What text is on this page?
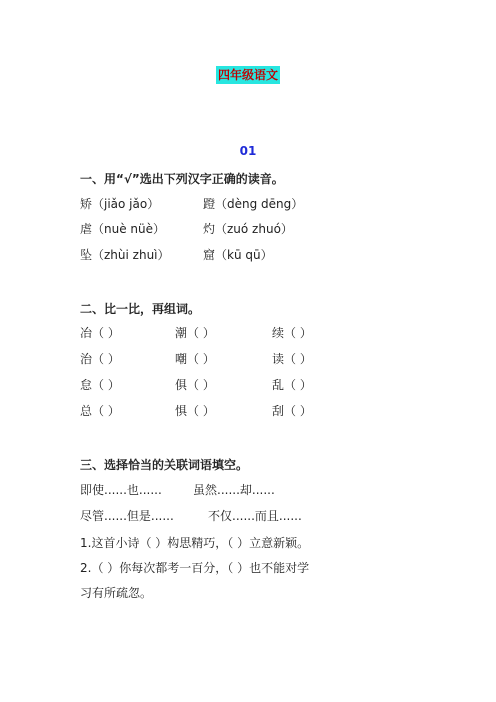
四年级语文
01
一、用“√”选出下列汉字正确的读音。
矫（jiǎo jǎo）	蹬（dèng dēng）
虐（nuè nüè）	灼（zuó zhuó）
坠（zhùi zhuì）	窟（kū qū）
二、比一比，再组词。
冶（ ）	潮（ ）	续（ ）
治（ ）	嘲（ ）	读（ ）
怠（ ）	俱（ ）	乱（ ）
总（ ）	惧（ ）	刮（ ）
三、选择恰当的关联词语填空。
即使......也......	虽然......却......
尽管......但是......	不仅......而且......
1.这首小诗（ ）构思精巧，（ ）立意新颖。
2.（ ）你每次都考一百分，（ ）也不能对学
习有所疏忽。
